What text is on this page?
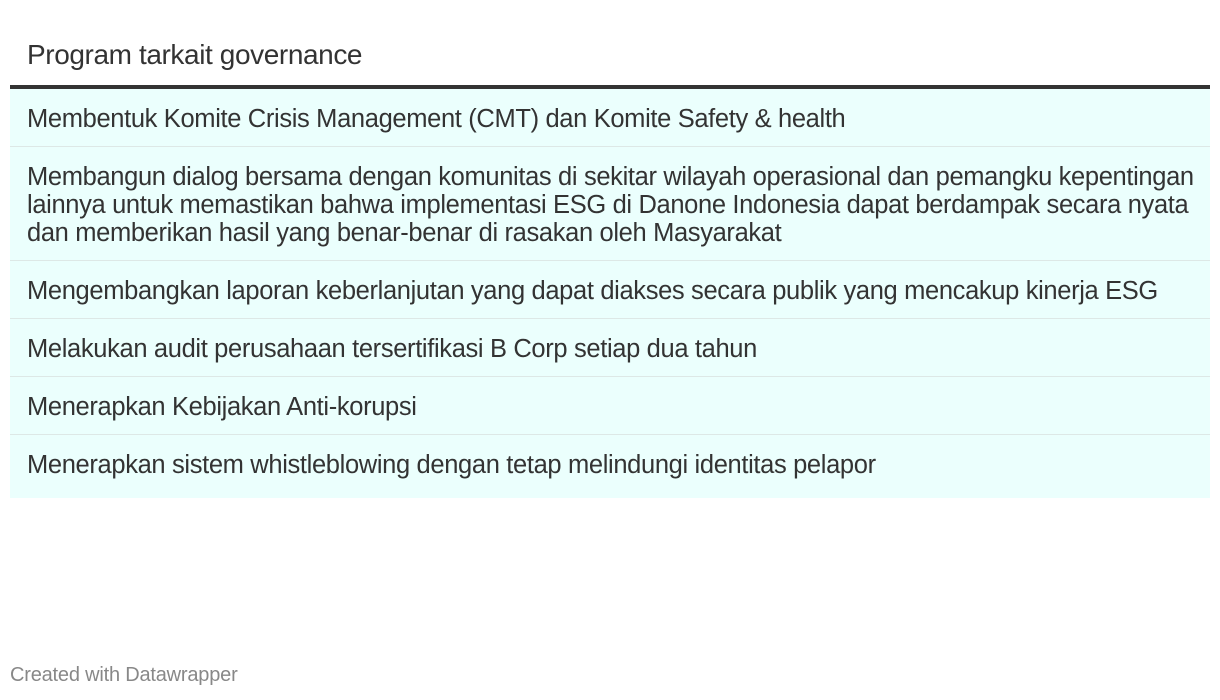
Program tarkait governance
Membentuk Komite Crisis Management (CMT) dan Komite Safety & health
Membangun dialog bersama dengan komunitas di sekitar wilayah operasional dan pemangku kepentingan lainnya untuk memastikan bahwa implementasi ESG di Danone Indonesia dapat berdampak secara nyata dan memberikan hasil yang benar-benar di rasakan oleh Masyarakat
Mengembangkan laporan keberlanjutan yang dapat diakses secara publik yang mencakup kinerja ESG
Melakukan audit perusahaan tersertifikasi B Corp setiap dua tahun
Menerapkan Kebijakan Anti-korupsi
Menerapkan sistem whistleblowing dengan tetap melindungi identitas pelapor
Created with Datawrapper
